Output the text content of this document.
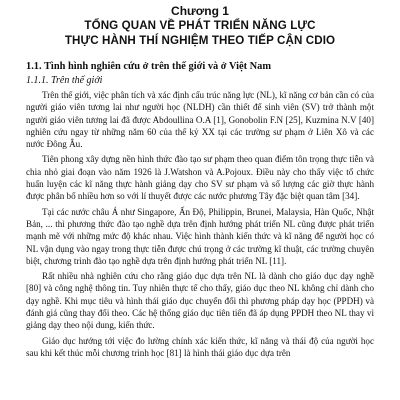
Chương 1

TỔNG QUAN VỀ PHÁT TRIỂN NĂNG LỰC

THỰC HÀNH THÍ NGHIỆM THEO TIẾP CẬN CDIO

1.1. Tình hình nghiên cứu ở trên thế giới và ở Việt Nam

1.1.1. Trên thế giới

Trên thế giới, việc phân tích và xác định cấu trúc năng lực (NL), kĩ năng cơ bản cần có của người giáo viên tương lai như người học (NLDH) cần thiết để sinh viên (SV) trở thành một người giáo viên tương lai đã được Abdoullina O.A [1], Gonobolin F.N [25], Kuzmina N.V [40] nghiên cứu ngay từ những năm 60 của thế kỷ XX tại các trường sư phạm ở Liên Xô và các nước Đông Âu.

Tiên phong xây dựng nền hình thức đào tạo sư phạm theo quan điểm tôn trọng thực tiễn và chia nhỏ giai đoạn vào năm 1926 là J.Watshon và A.Pojoux. Điều này cho thấy việc tổ chức huấn luyện các kĩ năng thực hành giảng dạy cho SV sư phạm và số lượng các giờ thực hành được phân bố nhiều hơn so với lí thuyết được các nước phương Tây đặc biệt quan tâm [34].

Tại các nước châu Á như Singapore, Ấn Độ, Philippin, Brunei, Malaysia, Hàn Quốc, Nhật Bản, ... thì phương thức đào tạo nghề dựa trên định hướng phát triển NL cũng được phát triển mạnh mẽ với những mức độ khác nhau. Việc hình thành kiến thức và kĩ năng để người học có NL vận dụng vào ngay trong thực tiễn được chú trọng ở các trường kĩ thuật, các trường chuyên biệt, chương trình đào tạo nghề dựa trên định hướng phát triển NL [11].

Rất nhiều nhà nghiên cứu cho rằng giáo dục dựa trên NL là dành cho giáo dục dạy nghề [80] và công nghệ thông tin. Tuy nhiên thực tế cho thấy, giáo dục theo NL không chỉ dành cho dạy nghề. Khi mục tiêu và hình thái giáo dục chuyển đổi thì phương pháp dạy học (PPDH) và đánh giá cũng thay đổi theo. Các hệ thống giáo dục tiên tiến đã áp dụng PPDH theo NL thay vì giảng dạy theo nội dung, kiến thức.

Giáo dục hướng tới việc đo lường chính xác kiến thức, kĩ năng và thái độ của người học sau khi kết thúc mỗi chương trình học [81] là hình thái giáo dục dựa trên
